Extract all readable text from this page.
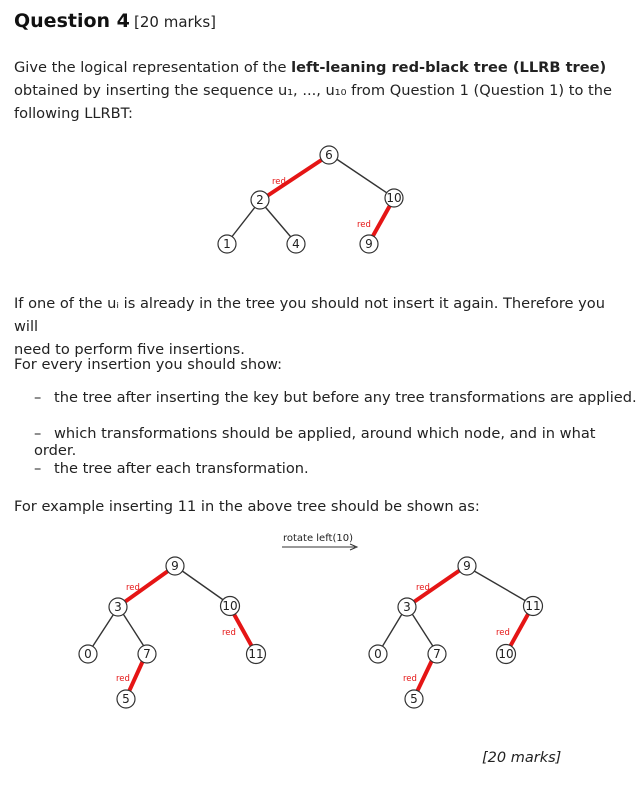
Question 4 [20 marks]
Give the logical representation of the left-leaning red-black tree (LLRB tree)
obtained by inserting the sequence u₁, ..., u₁₀ from Question 1 (Question 1) to the
following LLRBT:
red
red
6
2	10
1	4	9
rotate left(10)
red
red
red
9
3	10
0	7	11
5
red
red
red
9
3	11
0	7	10
5
If one of the uᵢ is already in the tree you should not insert it again. Therefore you will
need to perform five insertions.
For every insertion you should show:
– the tree after inserting the key but before any tree transformations are applied.
– which transformations should be applied, around which node, and in what order.
– the tree after each transformation.
For example inserting 11 in the above tree should be shown as:
[20 marks]
